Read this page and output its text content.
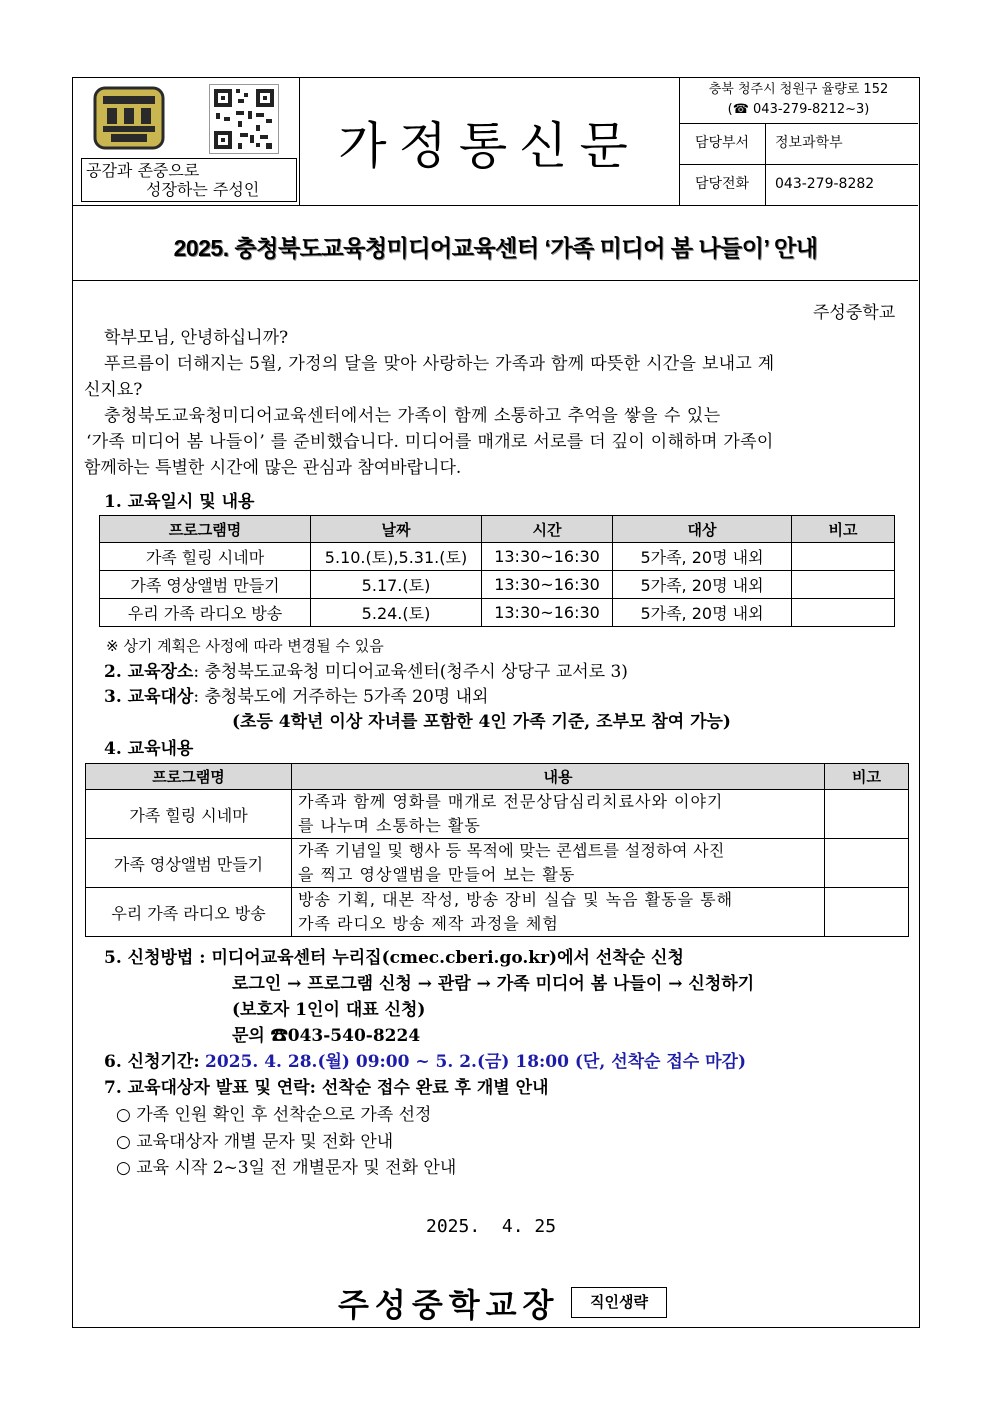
공감과 존중으로
성장하는 주성인
가정통신문
충북 청주시 청원구 율량로 152
(☎ 043-279-8212~3)
담당부서	정보과학부
담당전화	043-279-8282
2025. 충청북도교육청미디어교육센터 ‘가족 미디어 봄 나들이’ 안내
주성중학교
학부모님, 안녕하십니까?
푸르름이 더해지는 5월, 가정의 달을 맞아 사랑하는 가족과 함께 따뜻한 시간을 보내고 계
신지요?
충청북도교육청미디어교육센터에서는 가족이 함께 소통하고 추억을 쌓을 수 있는
‘가족 미디어 봄 나들이’ 를 준비했습니다. 미디어를 매개로 서로를 더 깊이 이해하며 가족이
함께하는 특별한 시간에 많은 관심과 참여바랍니다.
1. 교육일시 및 내용
프로그램명	날짜	시간	대상	비고
가족 힐링 시네마	5.10.(토),5.31.(토)	13:30~16:30	5가족, 20명 내외	
가족 영상앨범 만들기	5.17.(토)	13:30~16:30	5가족, 20명 내외	
우리 가족 라디오 방송	5.24.(토)	13:30~16:30	5가족, 20명 내외	
※ 상기 계획은 사정에 따라 변경될 수 있음
2. 교육장소: 충청북도교육청 미디어교육센터(청주시 상당구 교서로 3)
3. 교육대상: 충청북도에 거주하는 5가족 20명 내외
(초등 4학년 이상 자녀를 포함한 4인 가족 기준, 조부모 참여 가능)
4. 교육내용
프로그램명	내용	비고
가족 힐링 시네마	가족과 함께 영화를 매개로 전문상담심리치료사와 이야기
를 나누며 소통하는 활동	

가족 영상앨범 만들기	가족 기념일 및 행사 등 목적에 맞는 콘셉트를 설정하여 사진
을 찍고 영상앨범을 만들어 보는 활동	

우리 가족 라디오 방송	방송 기획, 대본 작성, 방송 장비 실습 및 녹음 활동을 통해
가족 라디오 방송 제작 과정을 체험	

5. 신청방법 : 미디어교육센터 누리집(cmec.cberi.go.kr)에서 선착순 신청
로그인 → 프로그램 신청 → 관람 → 가족 미디어 봄 나들이 → 신청하기
(보호자 1인이 대표 신청)
문의 ☎043-540-8224
6. 신청기간: 2025. 4. 28.(월) 09:00 ~ 5. 2.(금) 18:00 (단, 선착순 접수 마감)
7. 교육대상자 발표 및 연락: 선착순 접수 완료 후 개별 안내
○ 가족 인원 확인 후 선착순으로 가족 선정
○ 교육대상자 개별 문자 및 전화 안내
○ 교육 시작 2~3일 전 개별문자 및 전화 안내
2025.  4. 25
주성중학교장	직인생략
